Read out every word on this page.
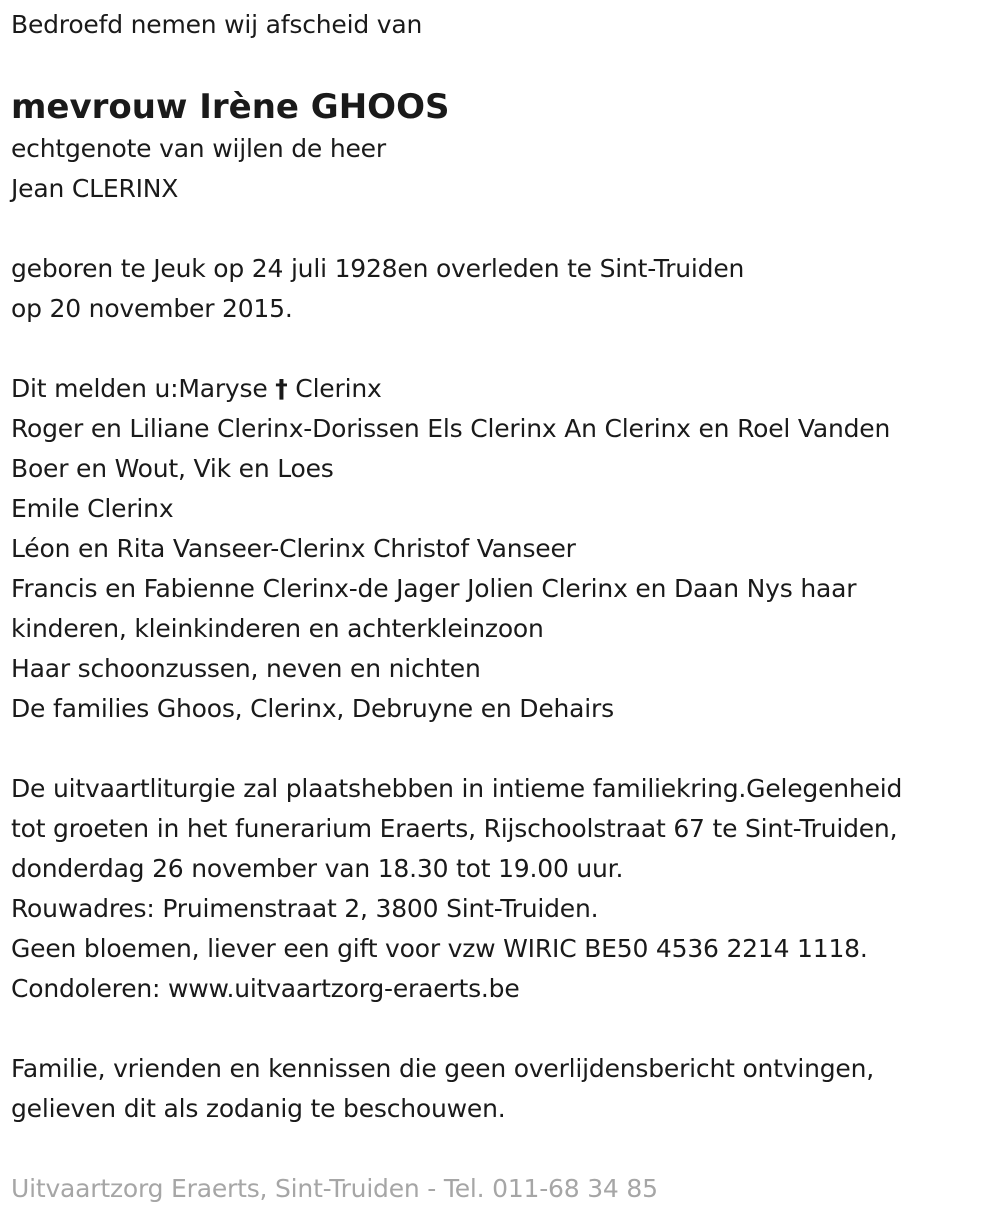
Bedroefd nemen wij afscheid van
mevrouw Irène GHOOS
echtgenote van wijlen de heer
Jean CLERINX
geboren te Jeuk op 24 juli 1928en overleden te Sint-Truiden
op 20 november 2015.
Dit melden u:Maryse † Clerinx
Roger en Liliane Clerinx-Dorissen Els Clerinx An Clerinx en Roel Vanden
Boer en Wout, Vik en Loes
Emile Clerinx
Léon en Rita Vanseer-Clerinx Christof Vanseer
Francis en Fabienne Clerinx-de Jager Jolien Clerinx en Daan Nys haar
kinderen, kleinkinderen en achterkleinzoon
Haar schoonzussen, neven en nichten
De families Ghoos, Clerinx, Debruyne en Dehairs
De uitvaartliturgie zal plaatshebben in intieme familiekring.Gelegenheid
tot groeten in het funerarium Eraerts, Rijschoolstraat 67 te Sint-Truiden,
donderdag 26 november van 18.30 tot 19.00 uur.
Rouwadres: Pruimenstraat 2, 3800 Sint-Truiden.
Geen bloemen, liever een gift voor vzw WIRIC BE50 4536 2214 1118.
Condoleren: www.uitvaartzorg-eraerts.be
Familie, vrienden en kennissen die geen overlijdensbericht ontvingen,
gelieven dit als zodanig te beschouwen.
Uitvaartzorg Eraerts, Sint-Truiden - Tel. 011-68 34 85
